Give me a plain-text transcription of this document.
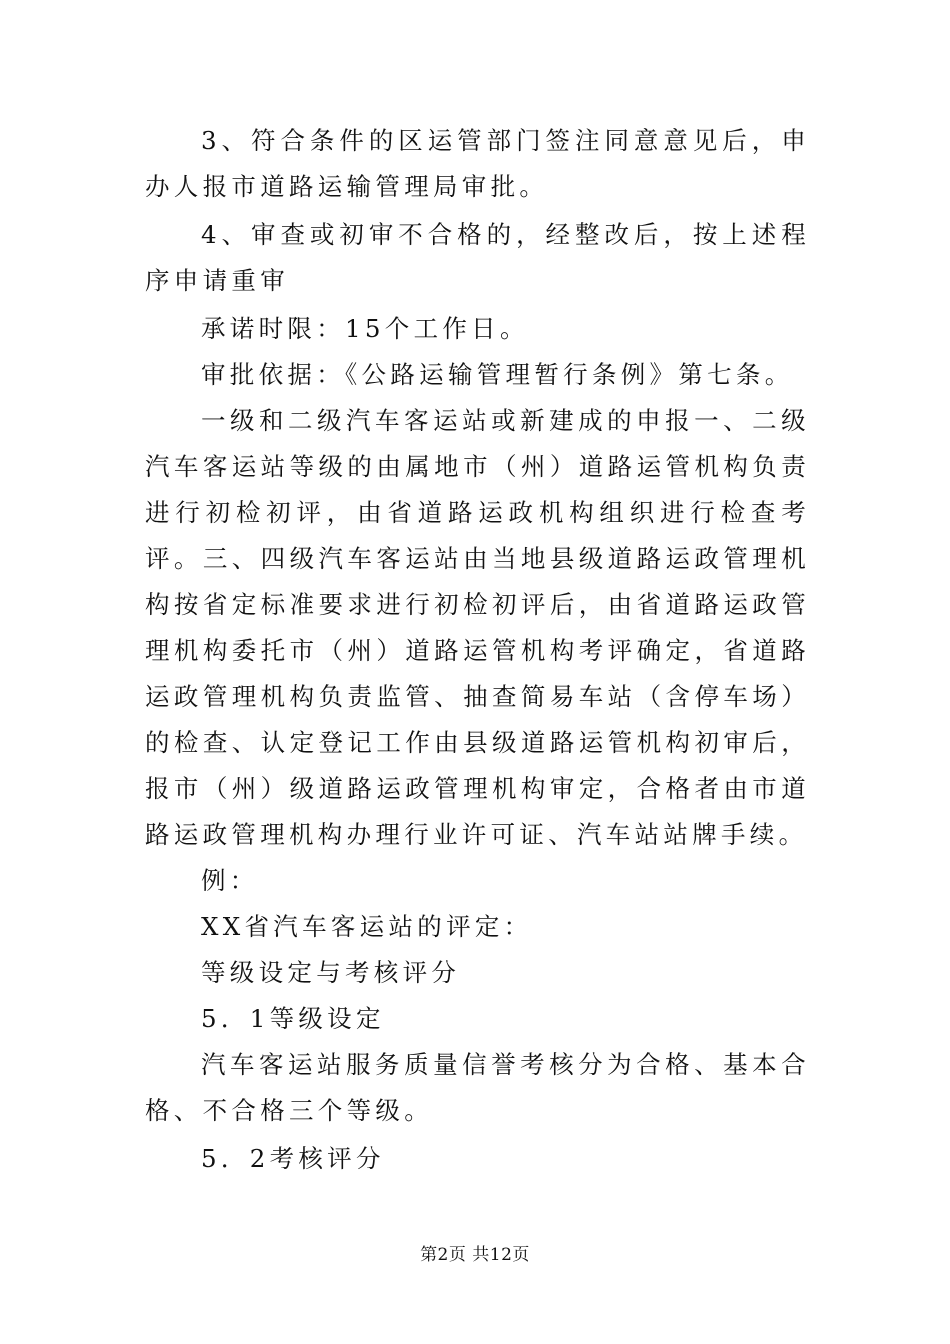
3、符合条件的区运管部门签注同意意见后，申办人报市道路运输管理局审批。

4、审查或初审不合格的，经整改后，按上述程序申请重审

承诺时限：15个工作日。

审批依据：《公路运输管理暂行条例》第七条。

一级和二级汽车客运站或新建成的申报一、二级汽车客运站等级的由属地市（州）道路运管机构负责进行初检初评，由省道路运政机构组织进行检查考评。三、四级汽车客运站由当地县级道路运政管理机构按省定标准要求进行初检初评后，由省道路运政管理机构委托市（州）道路运管机构考评确定，省道路运政管理机构负责监管、抽查简易车站（含停车场）的检查、认定登记工作由县级道路运管机构初审后，报市（州）级道路运政管理机构审定，合格者由市道路运政管理机构办理行业许可证、汽车站站牌手续。

例：

XX省汽车客运站的评定：

等级设定与考核评分

5．1等级设定

汽车客运站服务质量信誉考核分为合格、基本合格、不合格三个等级。

5．2考核评分

第2页 共12页
